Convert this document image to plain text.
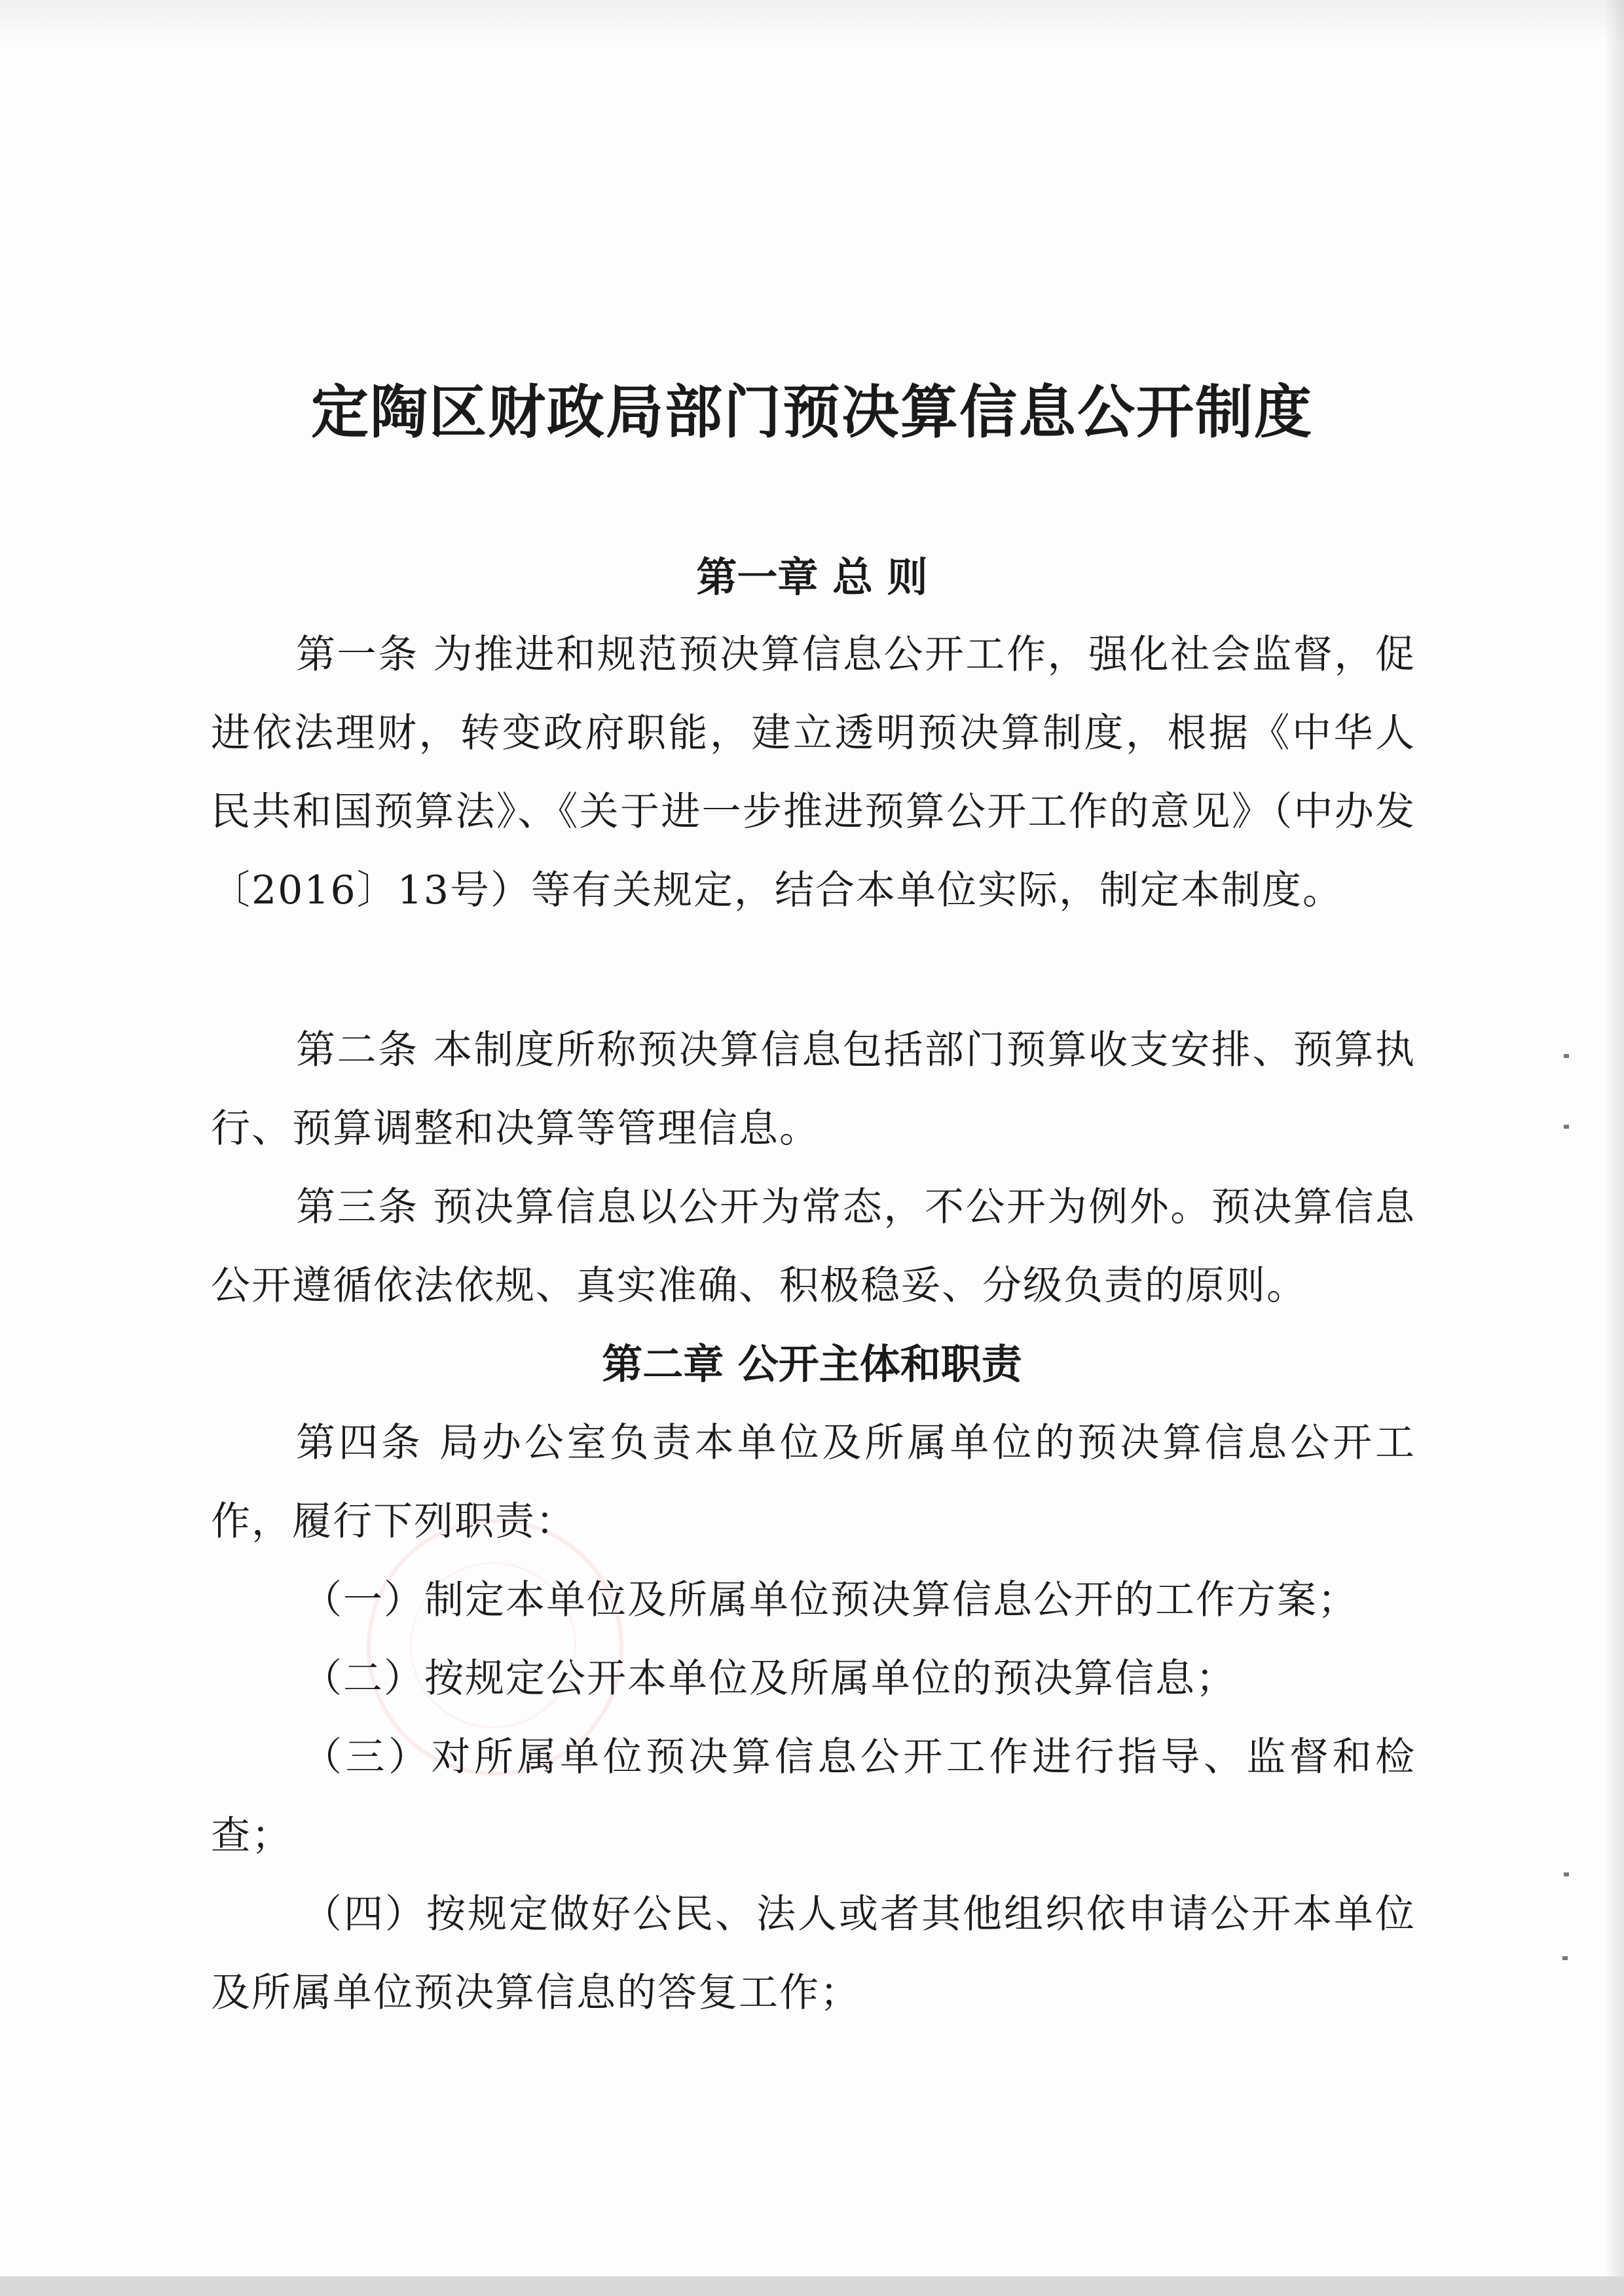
定陶区财政局部门预决算信息公开制度
第一章 总 则
第一条 为推进和规范预决算信息公开工作，强化社会监督，促进依法理财，转变政府职能，建立透明预决算制度，根据《中华人民共和国预算法》、《关于进一步推进预算公开工作的意见》（中办发〔2016〕13号）等有关规定，结合本单位实际，制定本制度。
第二条 本制度所称预决算信息包括部门预算收支安排、预算执行、预算调整和决算等管理信息。
第三条 预决算信息以公开为常态，不公开为例外。预决算信息公开遵循依法依规、真实准确、积极稳妥、分级负责的原则。
第二章 公开主体和职责
第四条 局办公室负责本单位及所属单位的预决算信息公开工作，履行下列职责：
（一）制定本单位及所属单位预决算信息公开的工作方案；
（二）按规定公开本单位及所属单位的预决算信息；
（三）对所属单位预决算信息公开工作进行指导、监督和检查；
（四）按规定做好公民、法人或者其他组织依申请公开本单位及所属单位预决算信息的答复工作；
